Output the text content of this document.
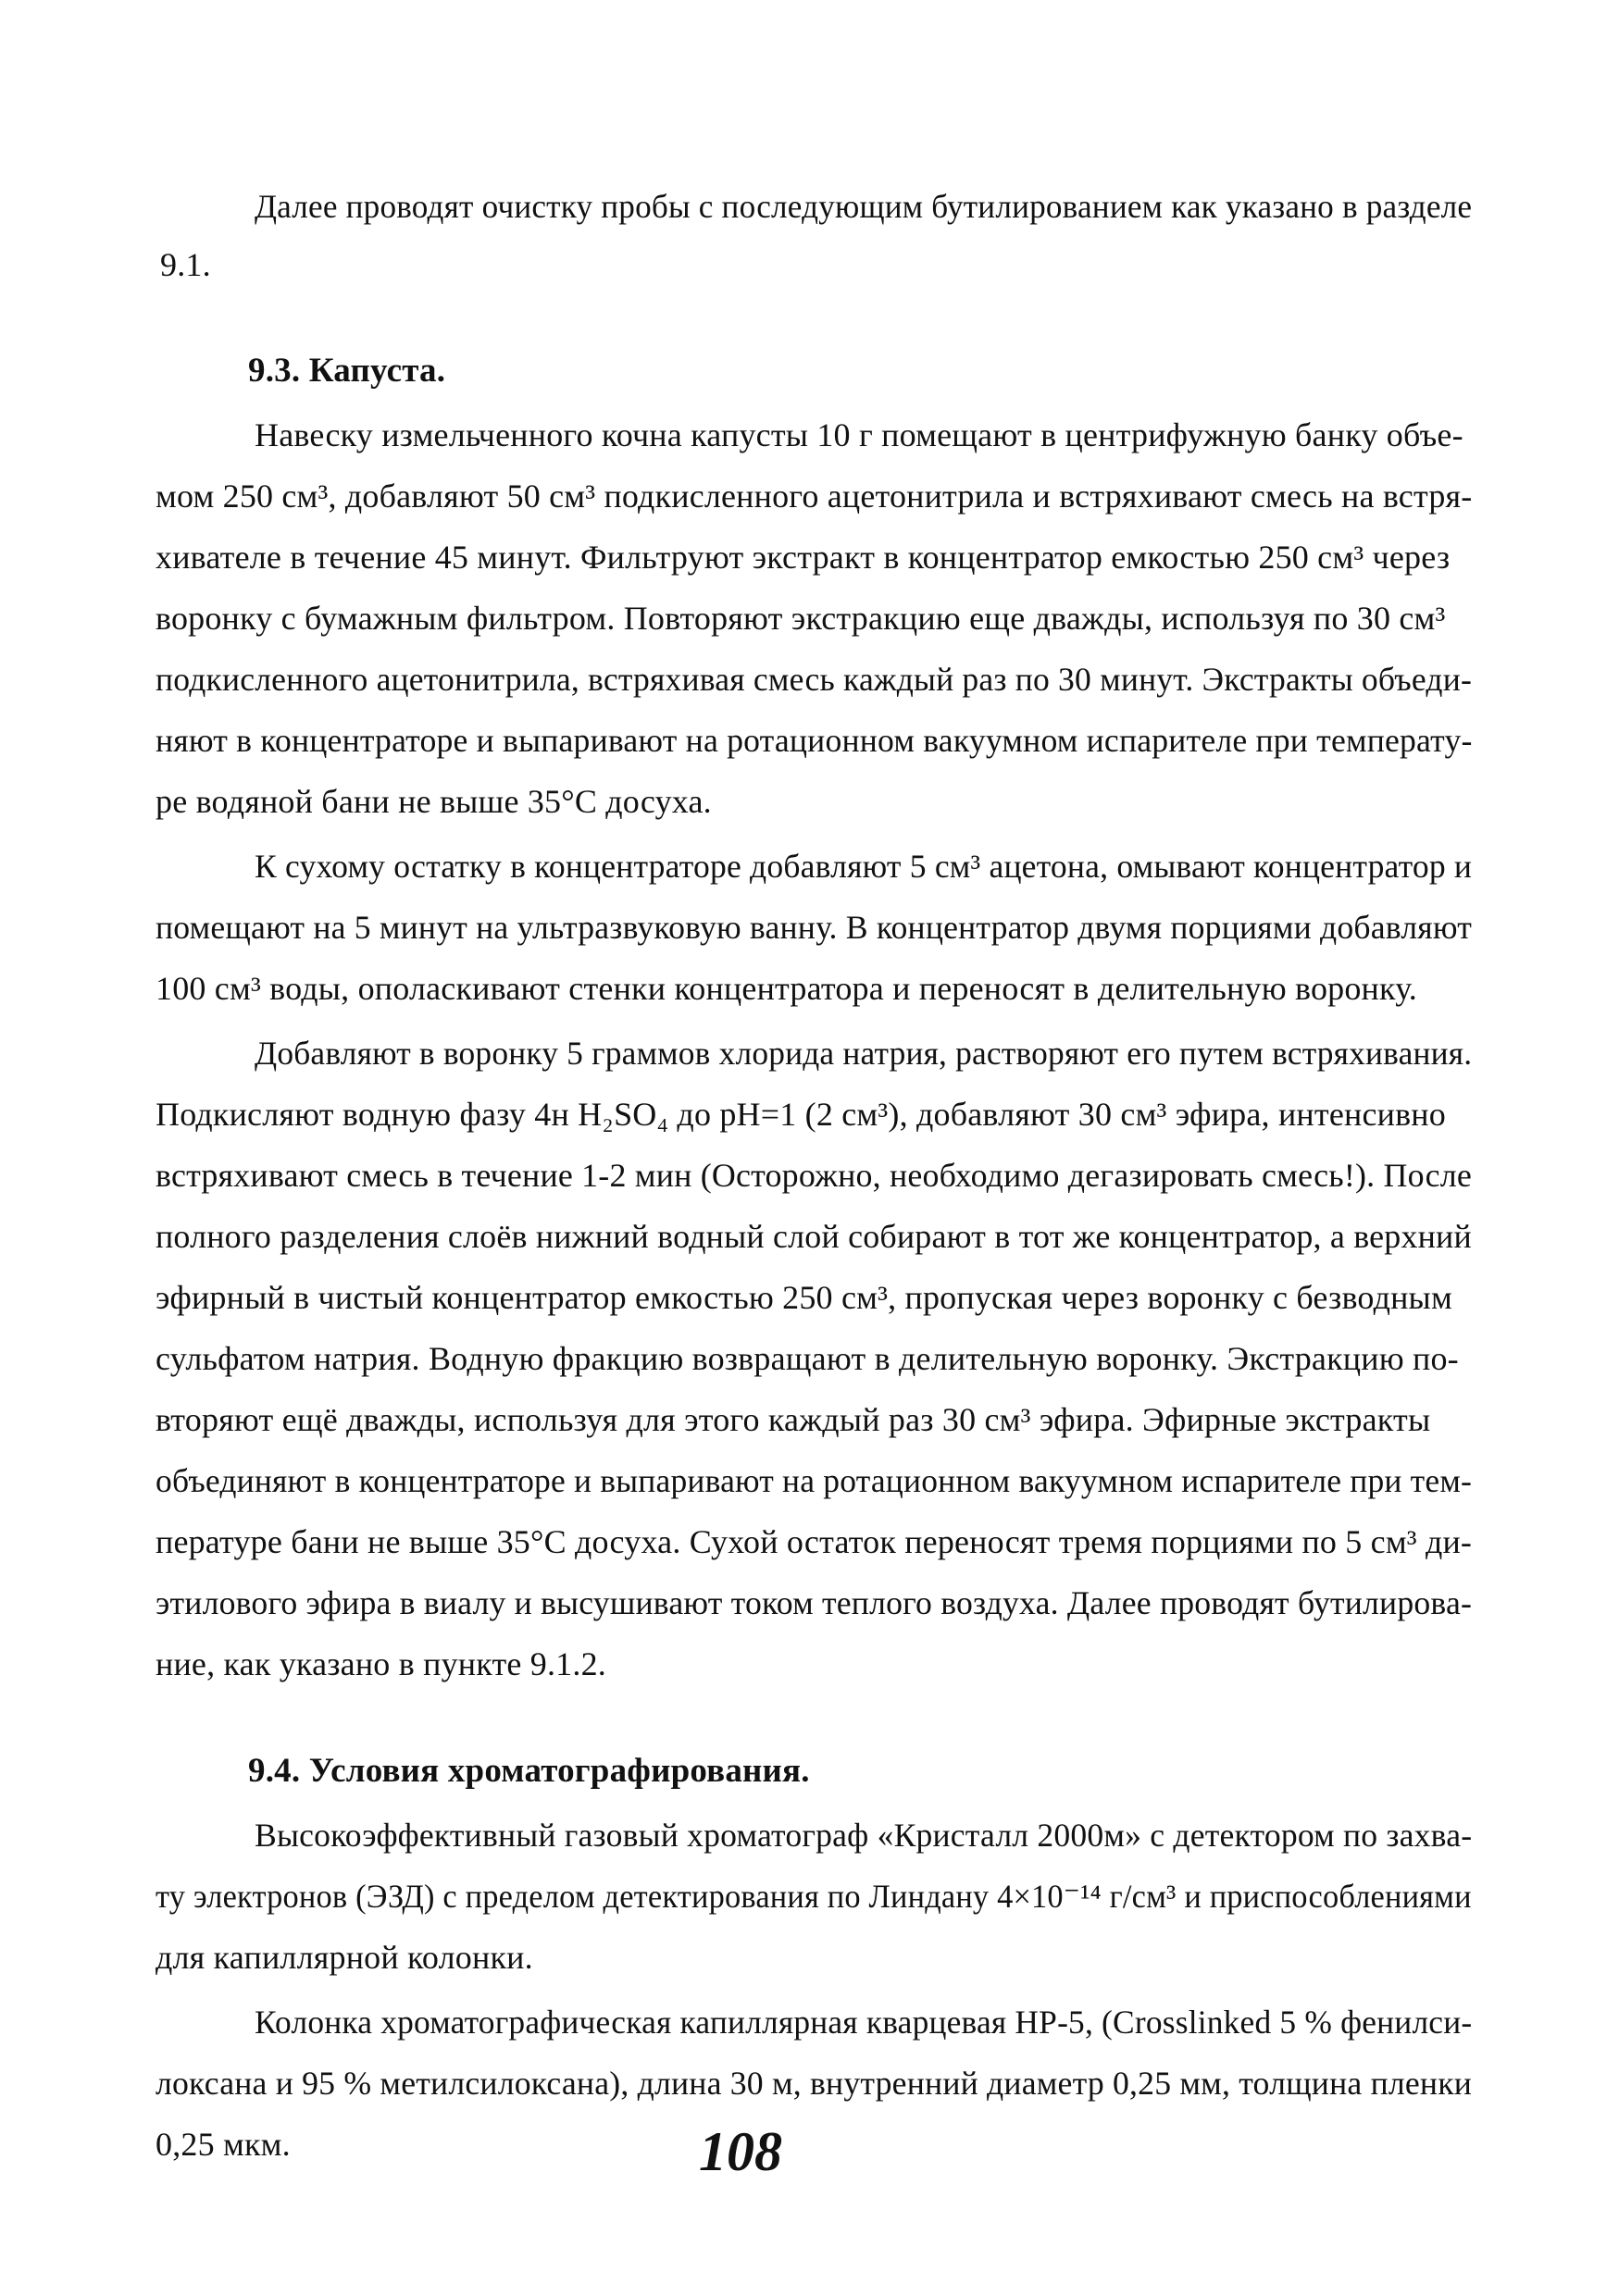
Далее проводят очистку пробы с последующим бутилированием как указано в разделе

9.1.

9.3. Капуста.

Навеску измельченного кочна капусты 10 г помещают в центрифужную банку объе-

мом 250 см³, добавляют 50 см³ подкисленного ацетонитрила и встряхивают смесь на встря-

хивателе в течение 45 минут. Фильтруют экстракт в концентратор емкостью 250 см³ через

воронку с бумажным фильтром. Повторяют экстракцию еще дважды, используя по 30 см³

подкисленного ацетонитрила, встряхивая смесь каждый раз по 30 минут. Экстракты объеди-

няют в концентраторе и выпаривают на ротационном вакуумном испарителе при температу-

ре водяной бани не выше 35°С досуха.

К сухому остатку в концентраторе добавляют 5 см³ ацетона, омывают концентратор и

помещают на 5 минут на ультразвуковую ванну. В концентратор двумя порциями добавляют

100 см³ воды, ополаскивают стенки концентратора и переносят в делительную воронку.

Добавляют в воронку 5 граммов хлорида натрия, растворяют его путем встряхивания.

Подкисляют водную фазу 4н H₂SO₄ до pH=1 (2 см³), добавляют 30 см³ эфира, интенсивно

встряхивают смесь в течение 1-2 мин (Осторожно, необходимо дегазировать смесь!). После

полного разделения слоёв нижний водный слой собирают в тот же концентратор, а верхний

эфирный в чистый концентратор емкостью 250 см³, пропуская через воронку с безводным

сульфатом натрия. Водную фракцию возвращают в делительную воронку. Экстракцию по-

вторяют ещё дважды, используя для этого каждый раз 30 см³ эфира. Эфирные экстракты

объединяют в концентраторе и выпаривают на ротационном вакуумном испарителе при тем-

пературе бани не выше 35°С досуха. Сухой остаток переносят тремя порциями по 5 см³ ди-

этилового эфира в виалу и высушивают током теплого воздуха. Далее проводят бутилирова-

ние, как указано в пункте 9.1.2.

9.4. Условия хроматографирования.

Высокоэффективный газовый хроматограф «Кристалл 2000м» с детектором по захва-

ту электронов (ЭЗД) с пределом детектирования по Линдану 4×10⁻¹⁴ г/см³ и приспособлениями

для капиллярной колонки.

Колонка хроматографическая капиллярная кварцевая HP-5, (Crosslinked 5 % фенилси-

локсана и 95 % метилсилоксана), длина 30 м, внутренний диаметр 0,25 мм, толщина пленки

0,25 мкм.	108
